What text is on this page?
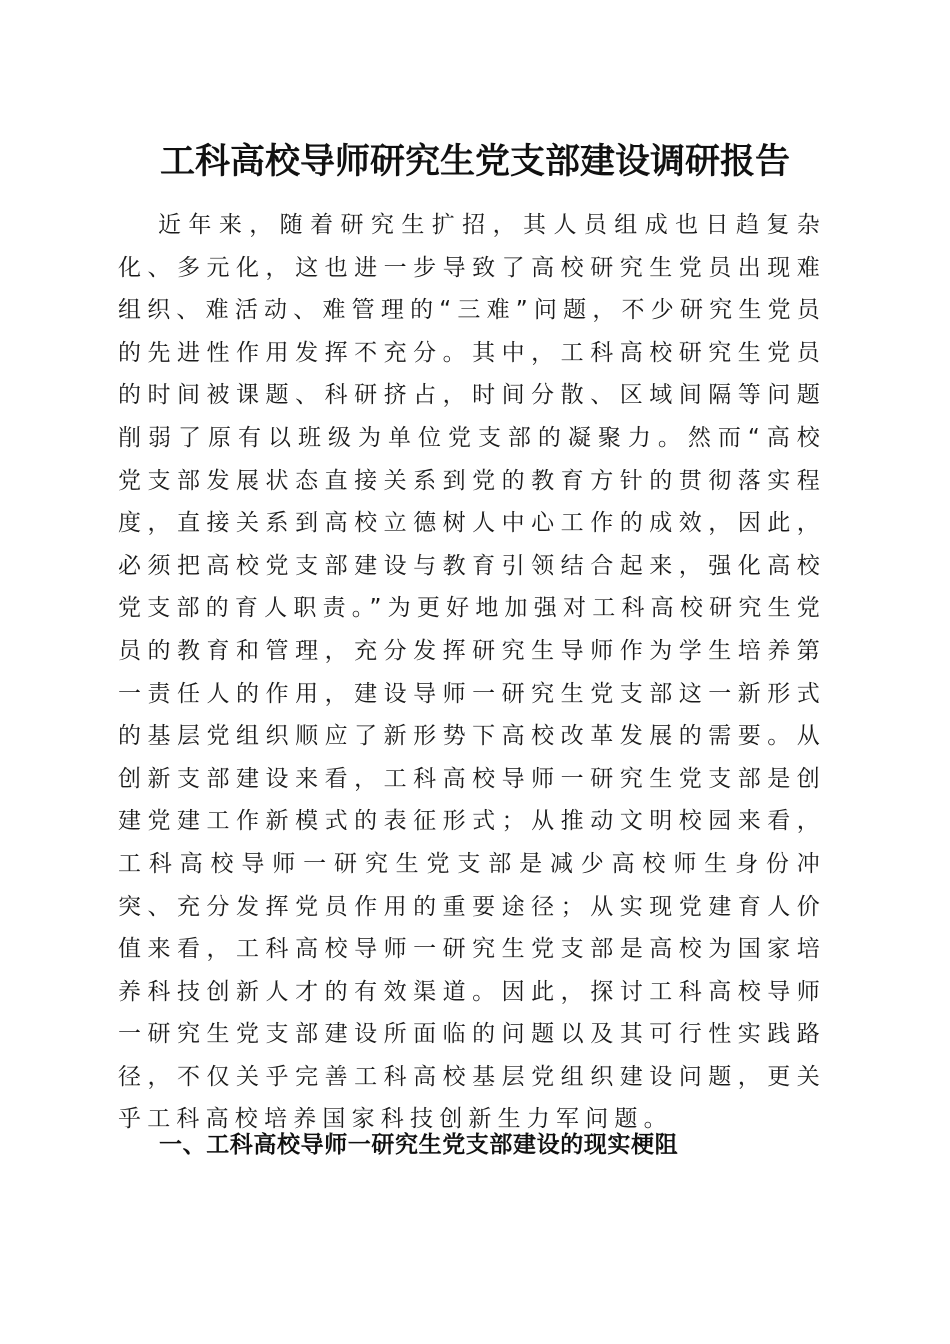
工科高校导师研究生党支部建设调研报告

近年来，随着研究生扩招，其人员组成也日趋复杂化、多元化，这也进一步导致了高校研究生党员出现难组织、难活动、难管理的“三难”问题，不少研究生党员的先进性作用发挥不充分。其中，工科高校研究生党员的时间被课题、科研挤占，时间分散、区域间隔等问题削弱了原有以班级为单位党支部的凝聚力。然而“高校党支部发展状态直接关系到党的教育方针的贯彻落实程度，直接关系到高校立德树人中心工作的成效，因此，必须把高校党支部建设与教育引领结合起来，强化高校党支部的育人职责。”为更好地加强对工科高校研究生党员的教育和管理，充分发挥研究生导师作为学生培养第一责任人的作用，建设导师一研究生党支部这一新形式的基层党组织顺应了新形势下高校改革发展的需要。从创新支部建设来看，工科高校导师一研究生党支部是创建党建工作新模式的表征形式；从推动文明校园来看，工科高校导师一研究生党支部是减少高校师生身份冲突、充分发挥党员作用的重要途径；从实现党建育人价值来看，工科高校导师一研究生党支部是高校为国家培养科技创新人才的有效渠道。因此，探讨工科高校导师一研究生党支部建设所面临的问题以及其可行性实践路径，不仅关乎完善工科高校基层党组织建设问题，更关乎工科高校培养国家科技创新生力军问题。

一、工科高校导师一研究生党支部建设的现实梗阻
